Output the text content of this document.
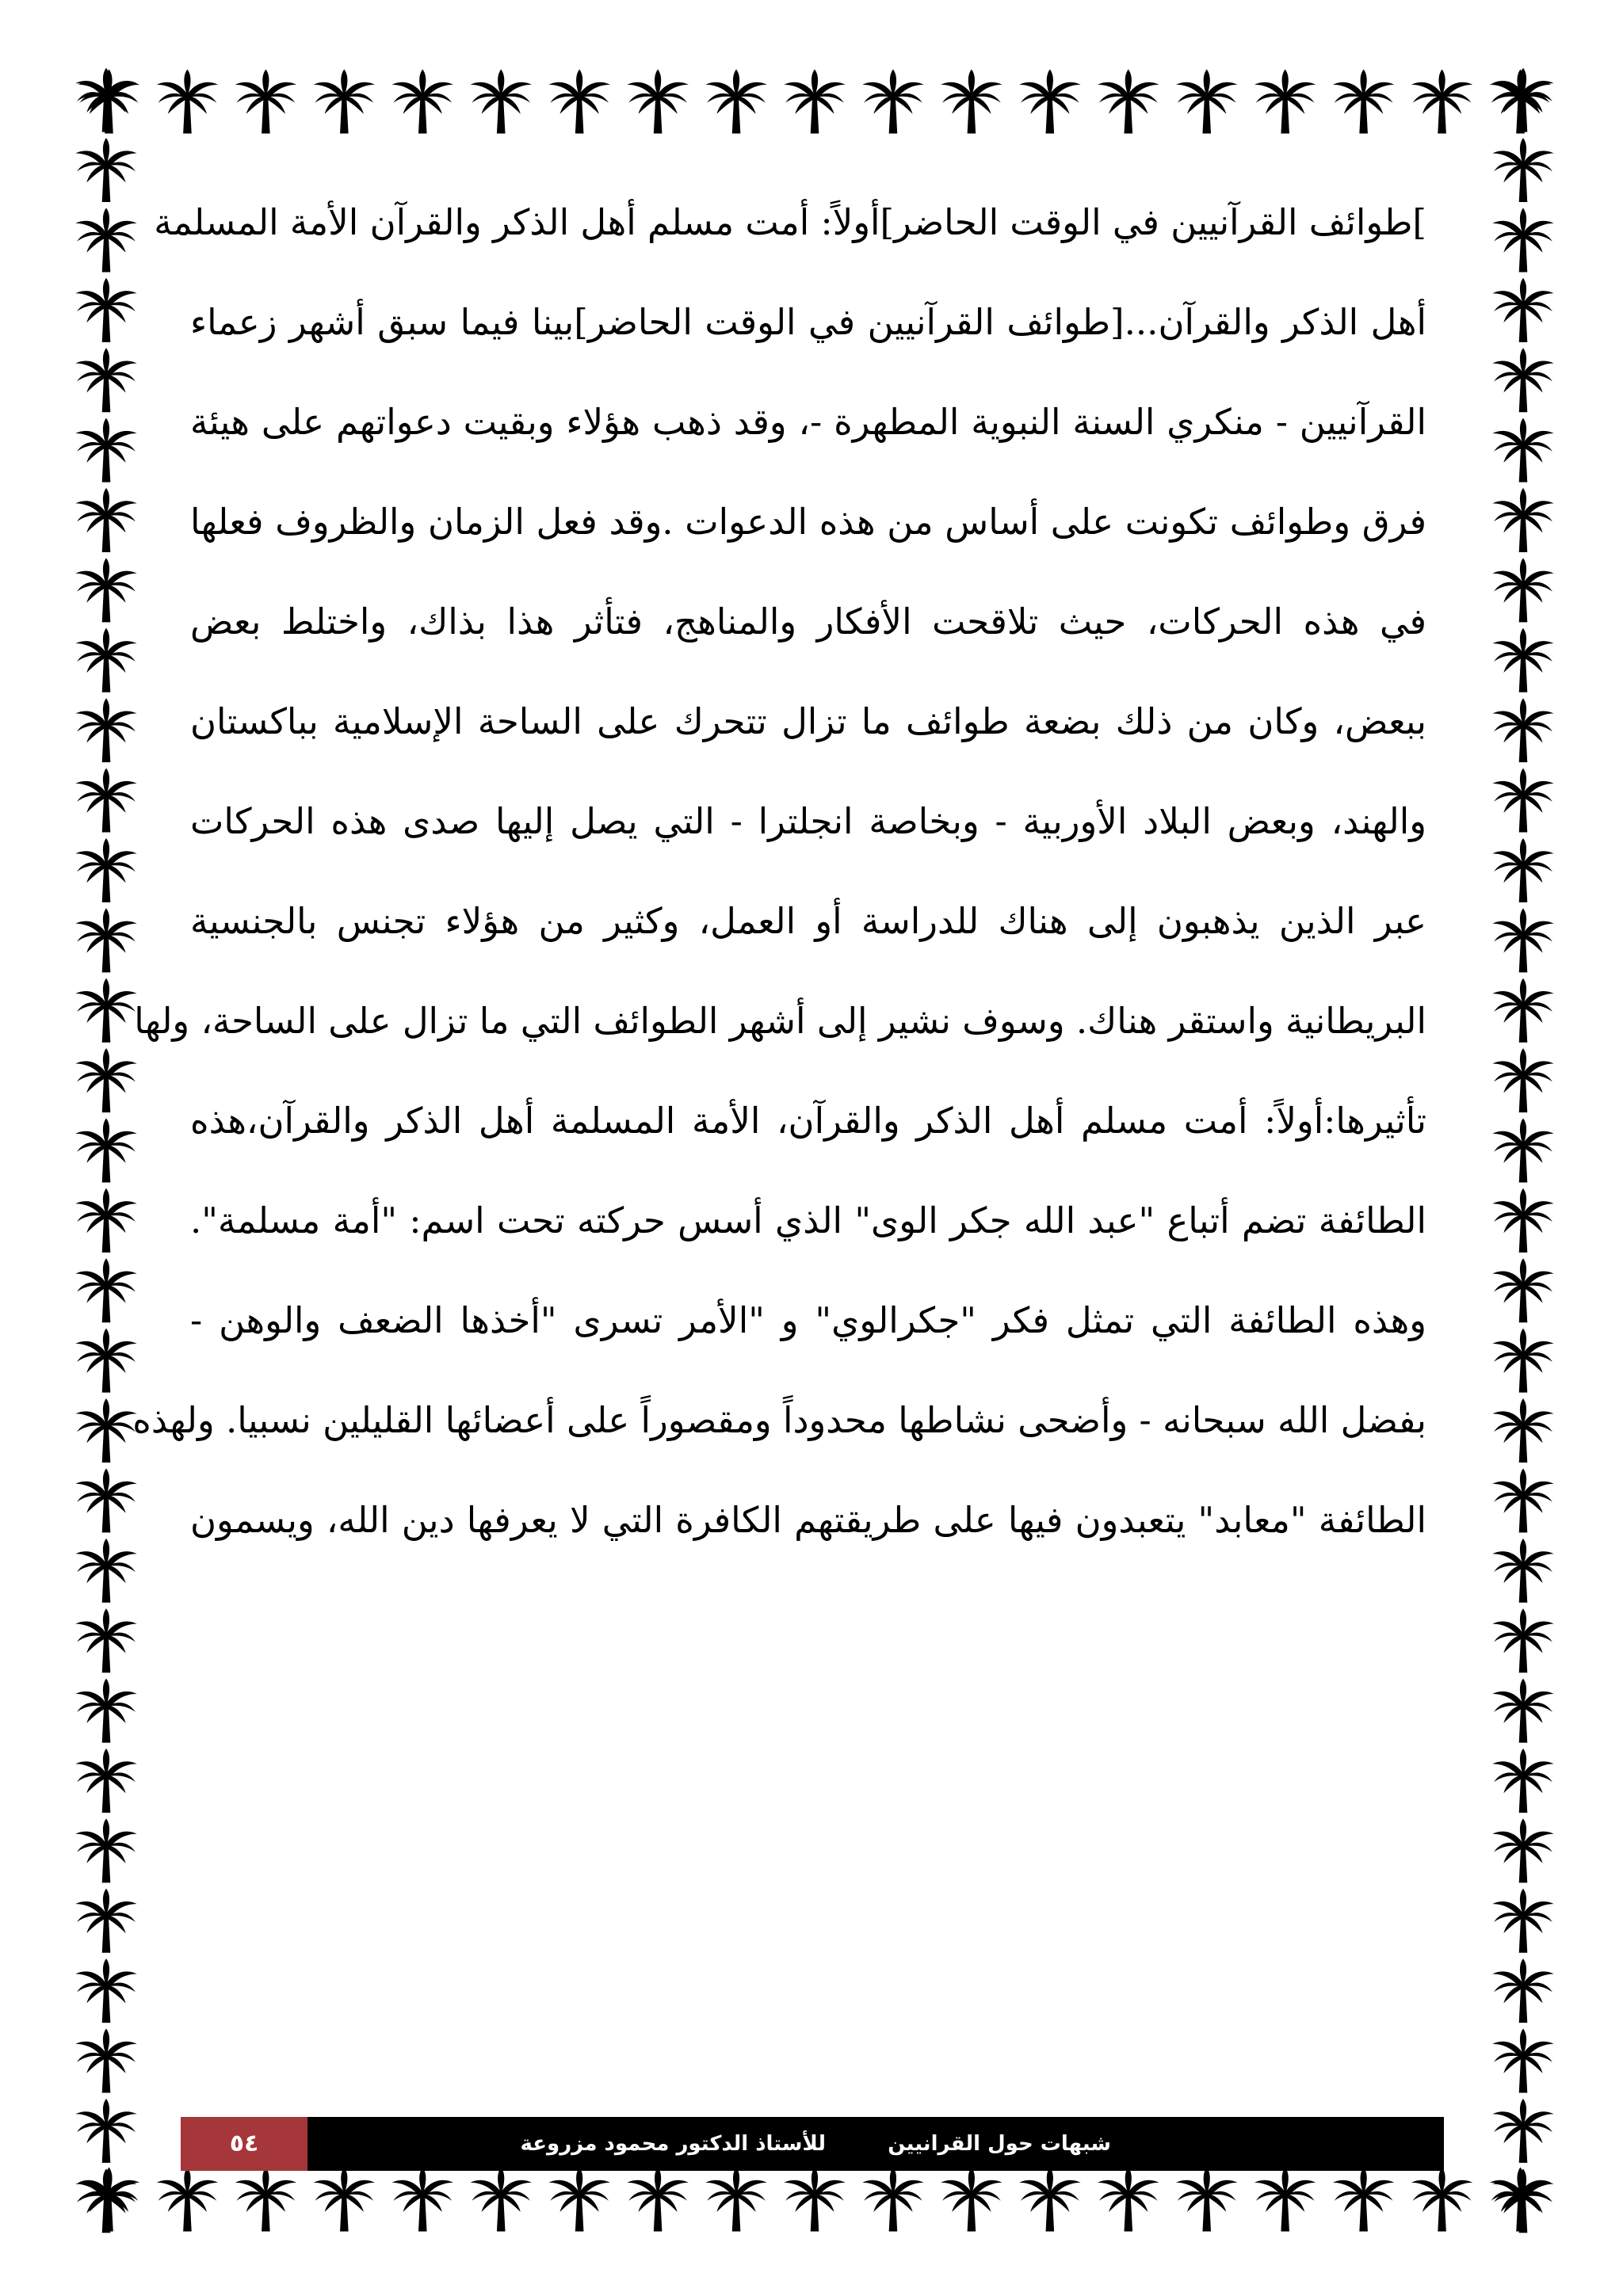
]طوائف القرآنيين في الوقت الحاضر]أولاً: أمت مسلم أهل الذكر والقرآن الأمة المسلمة
أهل الذكر والقرآن...[طوائف القرآنيين في الوقت الحاضر]بينا فيما سبق أشهر زعماء
القرآنيين - منكري السنة النبوية المطهرة -، وقد ذهب هؤلاء وبقيت دعواتهم على هيئة
فرق وطوائف تكونت على أساس من هذه الدعوات .وقد فعل الزمان والظروف فعلها
في هذه الحركات، حيث تلاقحت الأفكار والمناهج، فتأثر هذا بذاك، واختلط بعض
ببعض، وكان من ذلك بضعة طوائف ما تزال تتحرك على الساحة الإسلامية بباكستان
والهند، وبعض البلاد الأوربية - وبخاصة انجلترا - التي يصل إليها صدى هذه الحركات
عبر الذين يذهبون إلى هناك للدراسة أو العمل، وكثير من هؤلاء تجنس بالجنسية
البريطانية واستقر هناك. وسوف نشير إلى أشهر الطوائف التي ما تزال على الساحة، ولها
تأثيرها:أولاً: أمت مسلم أهل الذكر والقرآن، الأمة المسلمة أهل الذكر والقرآن،هذه
الطائفة تضم أتباع "عبد الله جكر الوى" الذي أسس حركته تحت اسم: "أمة مسلمة".
وهذه الطائفة التي تمثل فكر "جكرالوي" و "الأمر تسرى "أخذها الضعف والوهن -
بفضل الله سبحانه - وأضحى نشاطها محدوداً ومقصوراً على أعضائها القليلين نسبيا. ولهذه
الطائفة "معابد" يتعبدون فيها على طريقتهم الكافرة التي لا يعرفها دين الله، ويسمون
شبهات حول القرانيين
للأستاذ الدكتور محمود مزروعة
٥٤
